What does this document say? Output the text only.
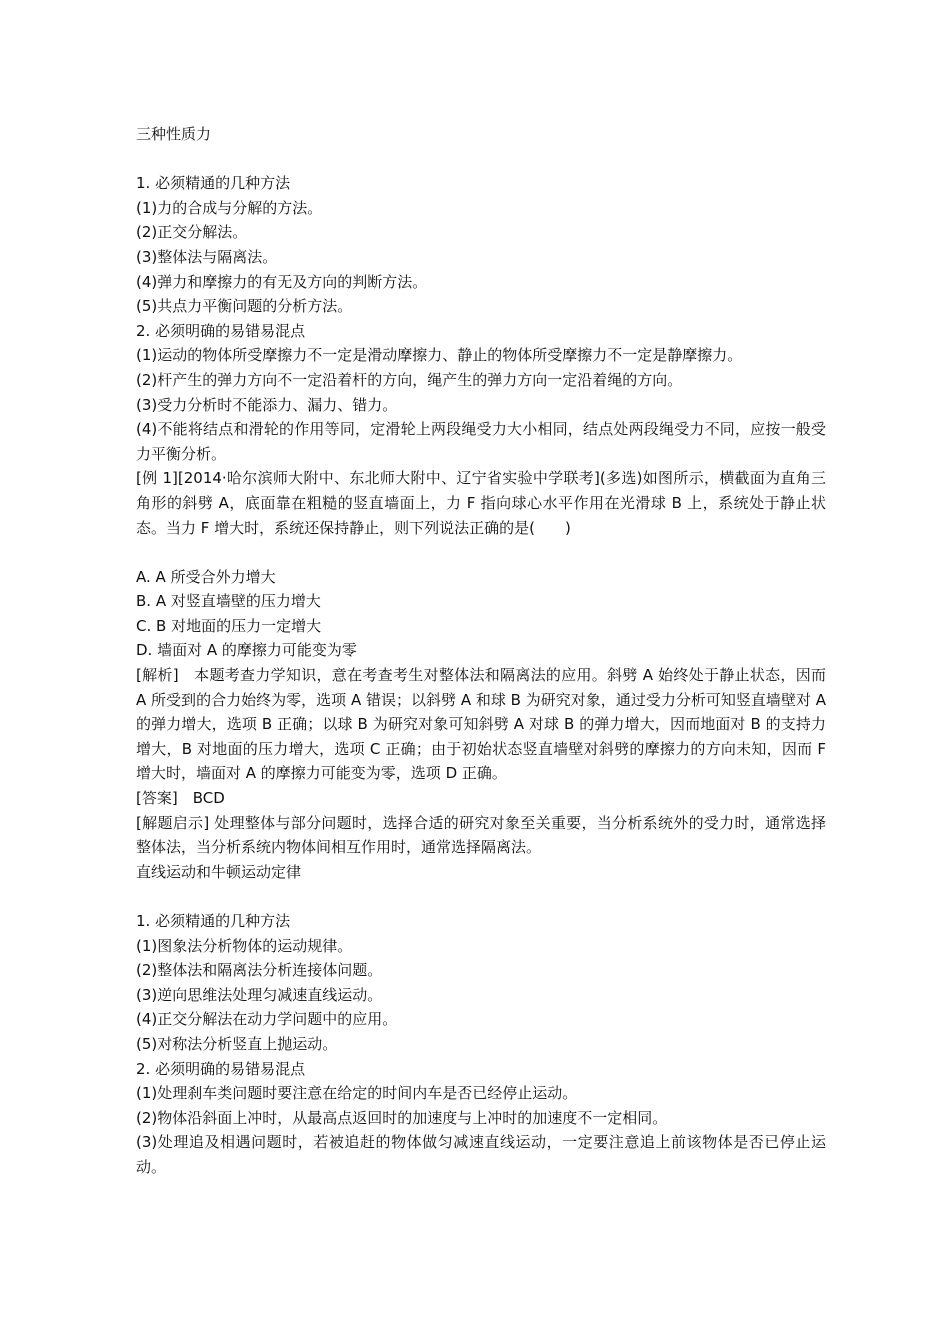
三种性质力
1. 必须精通的几种方法
(1)力的合成与分解的方法。
(2)正交分解法。
(3)整体法与隔离法。
(4)弹力和摩擦力的有无及方向的判断方法。
(5)共点力平衡问题的分析方法。
2. 必须明确的易错易混点
(1)运动的物体所受摩擦力不一定是滑动摩擦力、静止的物体所受摩擦力不一定是静摩擦力。
(2)杆产生的弹力方向不一定沿着杆的方向，绳产生的弹力方向一定沿着绳的方向。
(3)受力分析时不能添力、漏力、错力。
(4)不能将结点和滑轮的作用等同，定滑轮上两段绳受力大小相同，结点处两段绳受力不同，应按一般受力平衡分析。
[例 1][2014·哈尔滨师大附中、东北师大附中、辽宁省实验中学联考](多选)如图所示，横截面为直角三角形的斜劈 A，底面靠在粗糙的竖直墙面上，力 F 指向球心水平作用在光滑球 B 上，系统处于静止状态。当力 F 增大时，系统还保持静止，则下列说法正确的是(　　)
A. A 所受合外力增大
B. A 对竖直墙壁的压力增大
C. B 对地面的压力一定增大
D. 墙面对 A 的摩擦力可能变为零
[解析]　本题考查力学知识，意在考查考生对整体法和隔离法的应用。斜劈 A 始终处于静止状态，因而 A 所受到的合力始终为零，选项 A 错误；以斜劈 A 和球 B 为研究对象，通过受力分析可知竖直墙壁对 A 的弹力增大，选项 B 正确；以球 B 为研究对象可知斜劈 A 对球 B 的弹力增大，因而地面对 B 的支持力增大，B 对地面的压力增大，选项 C 正确；由于初始状态竖直墙壁对斜劈的摩擦力的方向未知，因而 F 增大时，墙面对 A 的摩擦力可能变为零，选项 D 正确。
[答案]　BCD
[解题启示] 处理整体与部分问题时，选择合适的研究对象至关重要，当分析系统外的受力时，通常选择整体法，当分析系统内物体间相互作用时，通常选择隔离法。
直线运动和牛顿运动定律
1. 必须精通的几种方法
(1)图象法分析物体的运动规律。
(2)整体法和隔离法分析连接体问题。
(3)逆向思维法处理匀减速直线运动。
(4)正交分解法在动力学问题中的应用。
(5)对称法分析竖直上抛运动。
2. 必须明确的易错易混点
(1)处理刹车类问题时要注意在给定的时间内车是否已经停止运动。
(2)物体沿斜面上冲时，从最高点返回时的加速度与上冲时的加速度不一定相同。
(3)处理追及相遇问题时，若被追赶的物体做匀减速直线运动，一定要注意追上前该物体是否已停止运动。
